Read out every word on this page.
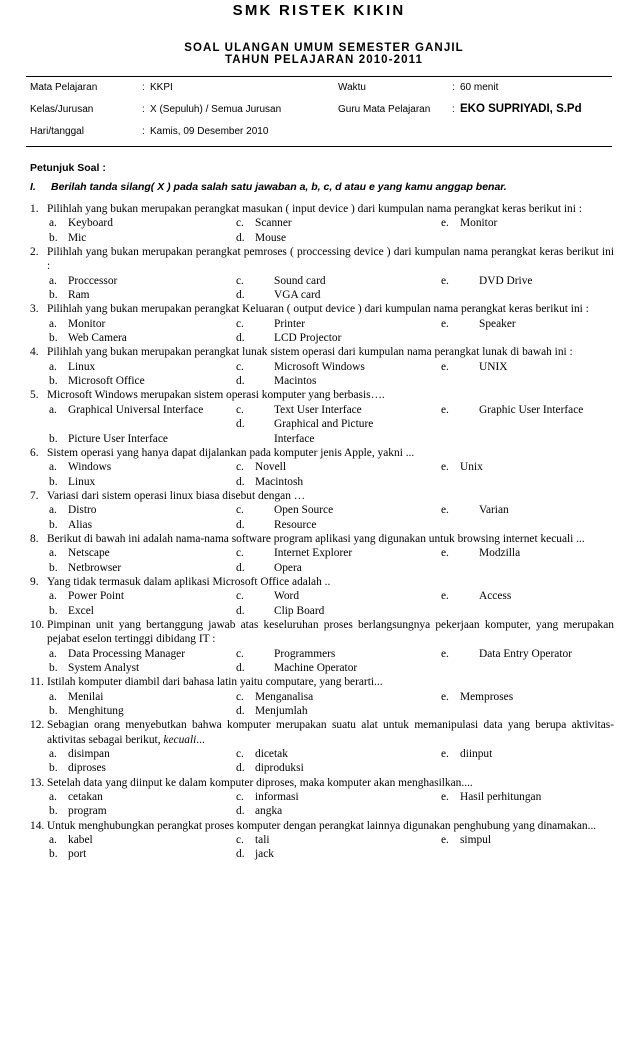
SMK RISTEK KIKIN
SOAL ULANGAN UMUM SEMESTER GANJIL
TAHUN PELAJARAN 2010-2011
Mata Pelajaran	: KKPI	Waktu	: 60 menit
Kelas/Jurusan	: X (Sepuluh) / Semua Jurusan	Guru Mata Pelajaran : EKO SUPRIYADI, S.Pd
Hari/tanggal	: Kamis, 09 Desember 2010
Petunjuk Soal :
I. Berilah tanda silang( X ) pada salah satu jawaban a, b, c, d atau e yang kamu anggap benar.
1. Pilihlah yang bukan merupakan perangkat masukan ( input device ) dari kumpulan nama perangkat keras berikut ini :
a. Keyboard
b. Mic
c. Scanner
d. Mouse
e. Monitor
2. Pilihlah yang bukan merupakan perangkat pemroses ( proccessing device ) dari kumpulan nama perangkat keras berikut ini :
a. Proccessor
b. Ram
c.	Sound card
d.	VGA card
e.	DVD Drive
3. Pilihlah yang bukan merupakan perangkat Keluaran ( output device ) dari kumpulan nama perangkat keras berikut ini :
a. Monitor
b. Web Camera
c.	Printer
d.	LCD Projector
e.	Speaker
4. Pilihlah yang bukan merupakan perangkat lunak sistem operasi dari kumpulan nama perangkat lunak di bawah ini :
a. Linux
b. Microsoft Office
c.	Microsoft Windows
d.	Macintos
e.	UNIX
5. Microsoft Windows merupakan sistem operasi komputer yang berbasis….
a. Graphical Universal Interface
b. Picture User Interface
c.	Text User Interface
d.	Graphical and Picture Interface
e.	Graphic User Interface
6. Sistem operasi yang hanya dapat dijalankan pada komputer jenis Apple, yakni ...
a. Windows
b. Linux
c. Novell
d. Macintosh
e. Unix
7. Variasi dari sistem operasi linux biasa disebut dengan …
a. Distro
b. Alias
c.	Open Source
d.	Resource
e.	Varian
8. Berikut di bawah ini adalah nama-nama software program aplikasi yang digunakan untuk browsing internet kecuali ...
a. Netscape
b. Netbrowser
c.	Internet Explorer
d.	Opera
e.	Modzilla
9. Yang tidak termasuk dalam aplikasi Microsoft Office adalah ..
a. Power Point
b. Excel
c.	Word
d.	Clip Board
e.	Access
10. Pimpinan unit yang bertanggung jawab atas keseluruhan proses berlangsungnya pekerjaan komputer, yang merupakan pejabat eselon tertinggi dibidang IT :
a. Data Processing Manager
b. System Analyst
c.	Programmers
d.	Machine Operator
e.	Data Entry Operator
11. Istilah komputer diambil dari bahasa latin yaitu computare, yang berarti...
a. Menilai
b. Menghitung
c. Menganalisa
d. Menjumlah
e. Memproses
12. Sebagian orang menyebutkan bahwa komputer merupakan suatu alat untuk memanipulasi data yang berupa aktivitas-aktivitas sebagai berikut, kecuali...
a. disimpan
b. diproses
c. dicetak
d. diproduksi
e. diinput
13. Setelah data yang diinput ke dalam komputer diproses, maka komputer akan menghasilkan....
a. cetakan
b. program
c. informasi
d. angka
e. Hasil perhitungan
14. Untuk menghubungkan perangkat proses komputer dengan perangkat lainnya digunakan penghubung yang dinamakan...
a. kabel
b. port
c. tali
d. jack
e. simpul
